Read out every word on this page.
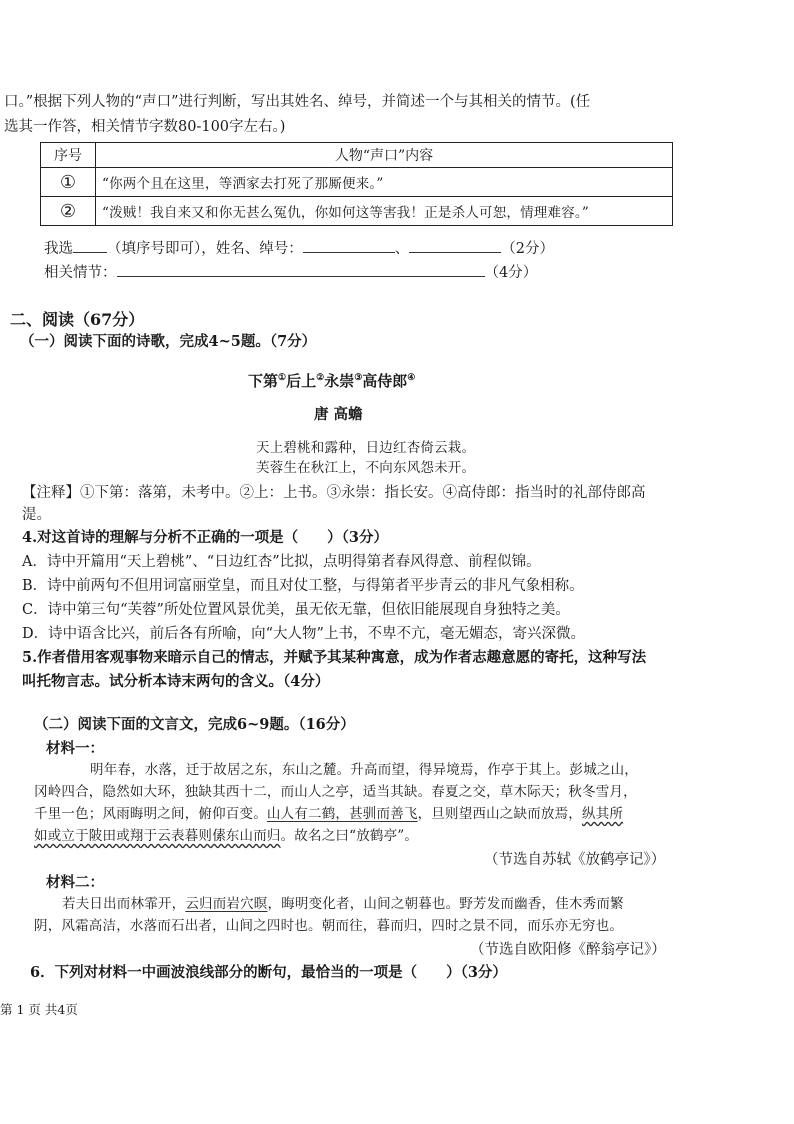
口。”根据下列人物的“声口”进行判断，写出其姓名、绰号，并简述一个与其相关的情节。(任
选其一作答，相关情节字数80-100字左右。)
序号	人物“声口”内容
①	“你两个且在这里，等洒家去打死了那厮便来。”
②	“泼贼！我自来又和你无甚么冤仇，你如何这等害我！正是杀人可恕，情理难容。”
我选 （填序号即可），姓名、绰号：	、	（2分）
相关情节：	（4分）
二、阅读（67分）
（一）阅读下面的诗歌，完成4~5题。（7分）
下第①后上②永崇③高侍郎④
唐 高蟾
天上碧桃和露种，日边红杏倚云栽。
芙蓉生在秋江上，不向东风怨未开。
【注释】①下第：落第，未考中。②上：上书。③永崇：指长安。④高侍郎：指当时的礼部侍郎高
湜。
4.对这首诗的理解与分析不正确的一项是（　　）（3分）
A．诗中开篇用“天上碧桃”、“日边红杏”比拟，点明得第者春风得意、前程似锦。
B．诗中前两句不但用词富丽堂皇，而且对仗工整，与得第者平步青云的非凡气象相称。
C．诗中第三句“芙蓉”所处位置风景优美，虽无依无靠，但依旧能展现自身独特之美。
D．诗中语含比兴，前后各有所喻，向“大人物”上书，不卑不亢，毫无媚态，寄兴深微。
5.作者借用客观事物来暗示自己的情志，并赋予其某种寓意，成为作者志趣意愿的寄托，这种写法
叫托物言志。试分析本诗末两句的含义。（4分）
（二）阅读下面的文言文，完成6~9题。（16分）
材料一：
明年春，水落，迁于故居之东，东山之麓。升高而望，得异境焉，作亭于其上。彭城之山，
冈岭四合，隐然如大环，独缺其西十二，而山人之亭，适当其缺。春夏之交，草木际天；秋冬雪月，
千里一色；风雨晦明之间，俯仰百变。山人有二鹤，甚驯而善飞，旦则望西山之缺而放焉，纵其所
如或立于陂田或翔于云表暮则傃东山而归。故名之曰“放鹤亭”。
（节选自苏轼《放鹤亭记》）
材料二：
若夫日出而林霏开，云归而岩穴暝，晦明变化者，山间之朝暮也。野芳发而幽香，佳木秀而繁
阴，风霜高洁，水落而石出者，山间之四时也。朝而往，暮而归，四时之景不同，而乐亦无穷也。
（节选自欧阳修《醉翁亭记》）
6．下列对材料一中画波浪线部分的断句，最恰当的一项是（　　）（3分）
第 1 页 共4页
